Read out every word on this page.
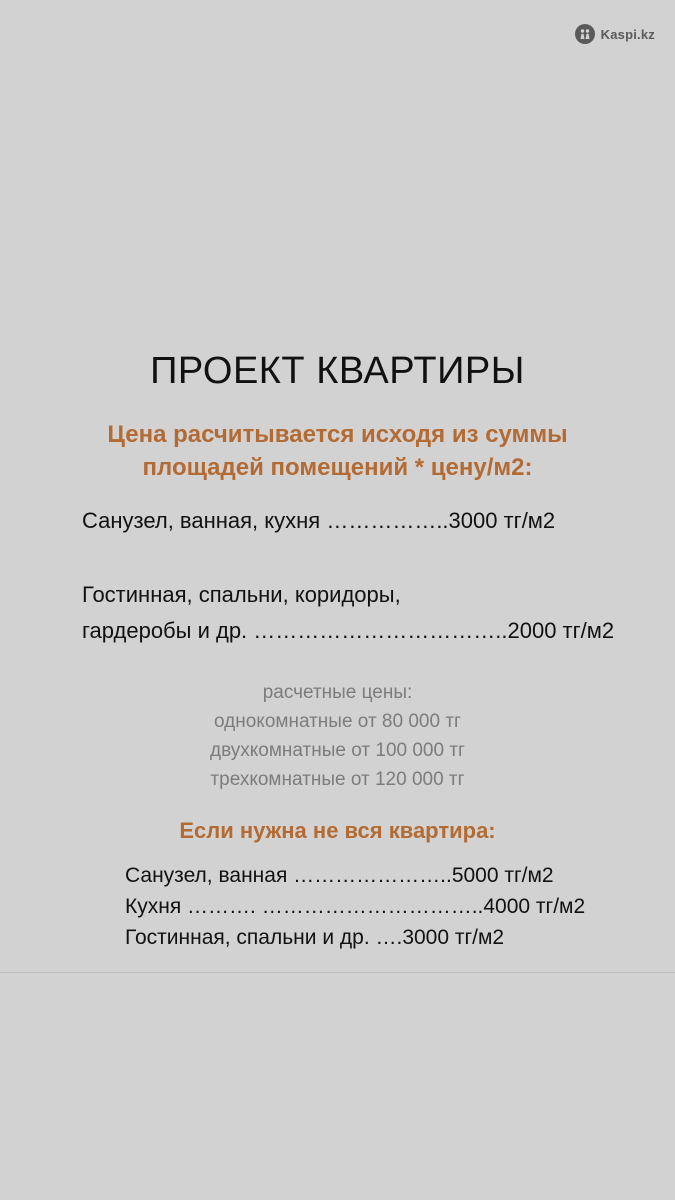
Kaspi.kz
ПРОЕКТ КВАРТИРЫ
Цена расчитывается исходя из суммы
площадей помещений * цену/м2:
Санузел, ванная, кухня ……………..3000 тг/м2
Гостинная, спальни, коридоры,
гардеробы и др. ……………………………..2000 тг/м2
расчетные цены:
однокомнатные от 80 000 тг
двухкомнатные от 100 000 тг
трехкомнатные от 120 000 тг
Если нужна не вся квартира:
Санузел, ванная …………………..5000 тг/м2
Кухня ………. …………………………..4000 тг/м2
Гостинная, спальни и др. ….3000 тг/м2
